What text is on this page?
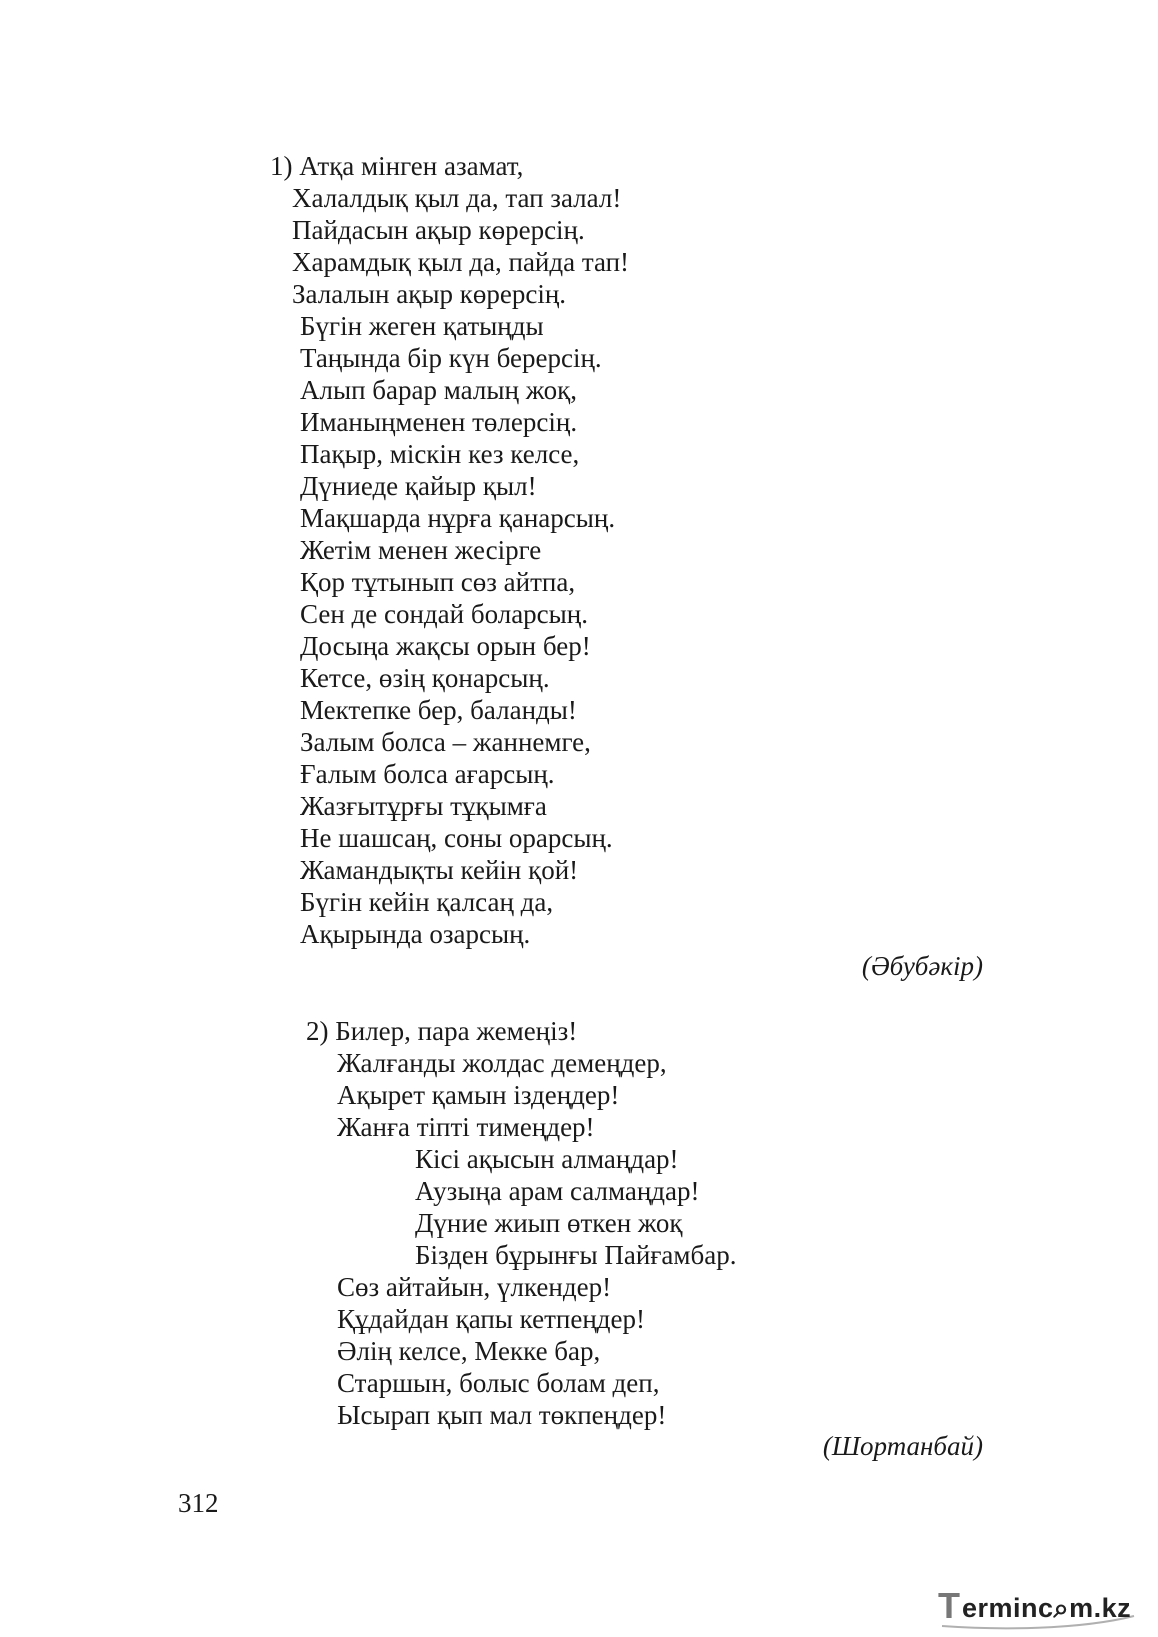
1) Атқа мінген азамат,
Халалдық қыл да, тап залал!
Пайдасын ақыр көрерсің.
Харамдық қыл да, пайда тап!
Залалын ақыр көрерсің.
Бүгін жеген қатыңды
Таңында бір күн берерсің.
Алып барар малың жоқ,
Иманыңменен төлерсің.
Пақыр, міскін кез келсе,
Дүниеде қайыр қыл!
Мақшарда нұрға қанарсың.
Жетім менен жесірге
Қор тұтынып сөз айтпа,
Сен де сондай боларсың.
Досыңа жақсы орын бер!
Кетсе, өзің қонарсың.
Мектепке бер, баланды!
Залым болса – жаннемге,
Ғалым болса ағарсың.
Жазғытұрғы тұқымға
Не шашсаң, соны орарсың.
Жамандықты кейін қой!
Бүгін кейін қалсаң да,
Ақырында озарсың.
(Әбубәкір)
2) Билер, пара жемеңіз!
Жалғанды жолдас демеңдер,
Ақырет қамын іздеңдер!
Жанға тіпті тимеңдер!
Кісі ақысын алмаңдар!
Аузыңа арам салмаңдар!
Дүние жиып өткен жоқ
Бізден бұрынғы Пайғамбар.
Сөз айтайын, үлкендер!
Құдайдан қапы кетпеңдер!
Әлің келсе, Мекке бар,
Старшын, болыс болам деп,
Ысырап қып мал төкпеңдер!
(Шортанбай)
312
T erminc⌕m.kz
